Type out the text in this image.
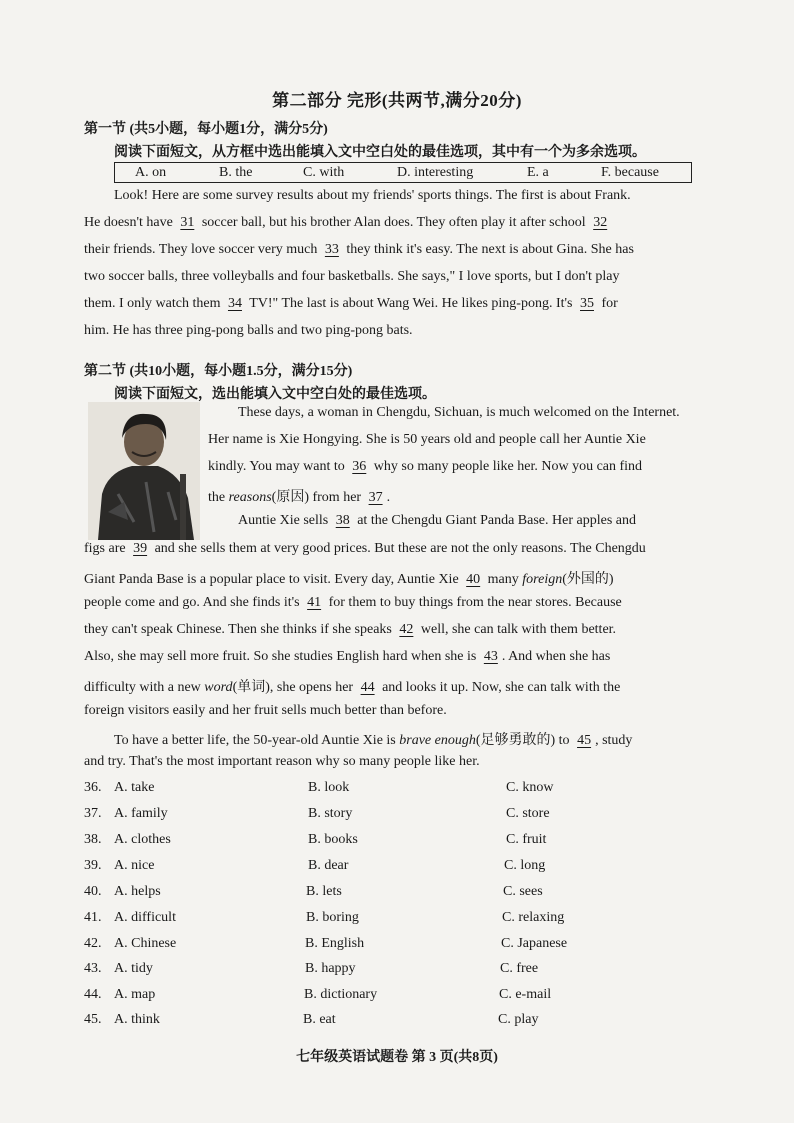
第二部分 完形(共两节,满分20分)
第一节 (共5小题，每小题1分，满分5分)
阅读下面短文，从方框中选出能填入文中空白处的最佳选项，其中有一个为多余选项。
A. on	B. the	C. with	D. interesting	E. a	F. because
Look! Here are some survey results about my friends' sports things. The first is about Frank.
He doesn't have 31 soccer ball, but his brother Alan does. They often play it after school 32
their friends. They love soccer very much 33 they think it's easy. The next is about Gina. She has
two soccer balls, three volleyballs and four basketballs. She says," I love sports, but I don't play
them. I only watch them 34 TV!" The last is about Wang Wei. He likes ping-pong. It's 35 for
him. He has three ping-pong balls and two ping-pong bats.
第二节 (共10小题，每小题1.5分，满分15分)
阅读下面短文，选出能填入文中空白处的最佳选项。
These days, a woman in Chengdu, Sichuan, is much welcomed on the Internet.
Her name is Xie Hongying. She is 50 years old and people call her Auntie Xie
kindly. You may want to 36 why so many people like her. Now you can find
the reasons(原因) from her 37 .
Auntie Xie sells 38 at the Chengdu Giant Panda Base. Her apples and
figs are 39 and she sells them at very good prices. But these are not the only reasons. The Chengdu
Giant Panda Base is a popular place to visit. Every day, Auntie Xie 40 many foreign(外国的)
people come and go. And she finds it's 41 for them to buy things from the near stores. Because
they can't speak Chinese. Then she thinks if she speaks 42 well, she can talk with them better.
Also, she may sell more fruit. So she studies English hard when she is 43 . And when she has
difficulty with a new word(单词), she opens her 44 and looks it up. Now, she can talk with the
foreign visitors easily and her fruit sells much better than before.
To have a better life, the 50-year-old Auntie Xie is brave enough(足够勇敢的) to 45 , study
and try. That's the most important reason why so many people like her.
36. A. take	B. look	C. know
37. A. family	B. story	C. store
38. A. clothes	B. books	C. fruit
39. A. nice	B. dear	C. long
40. A. helps	B. lets	C. sees
41. A. difficult	B. boring	C. relaxing
42. A. Chinese	B. English	C. Japanese
43. A. tidy	B. happy	C. free
44. A. map	B. dictionary	C. e-mail
45. A. think	B. eat	C. play
七年级英语试题卷 第 3 页(共8页)
